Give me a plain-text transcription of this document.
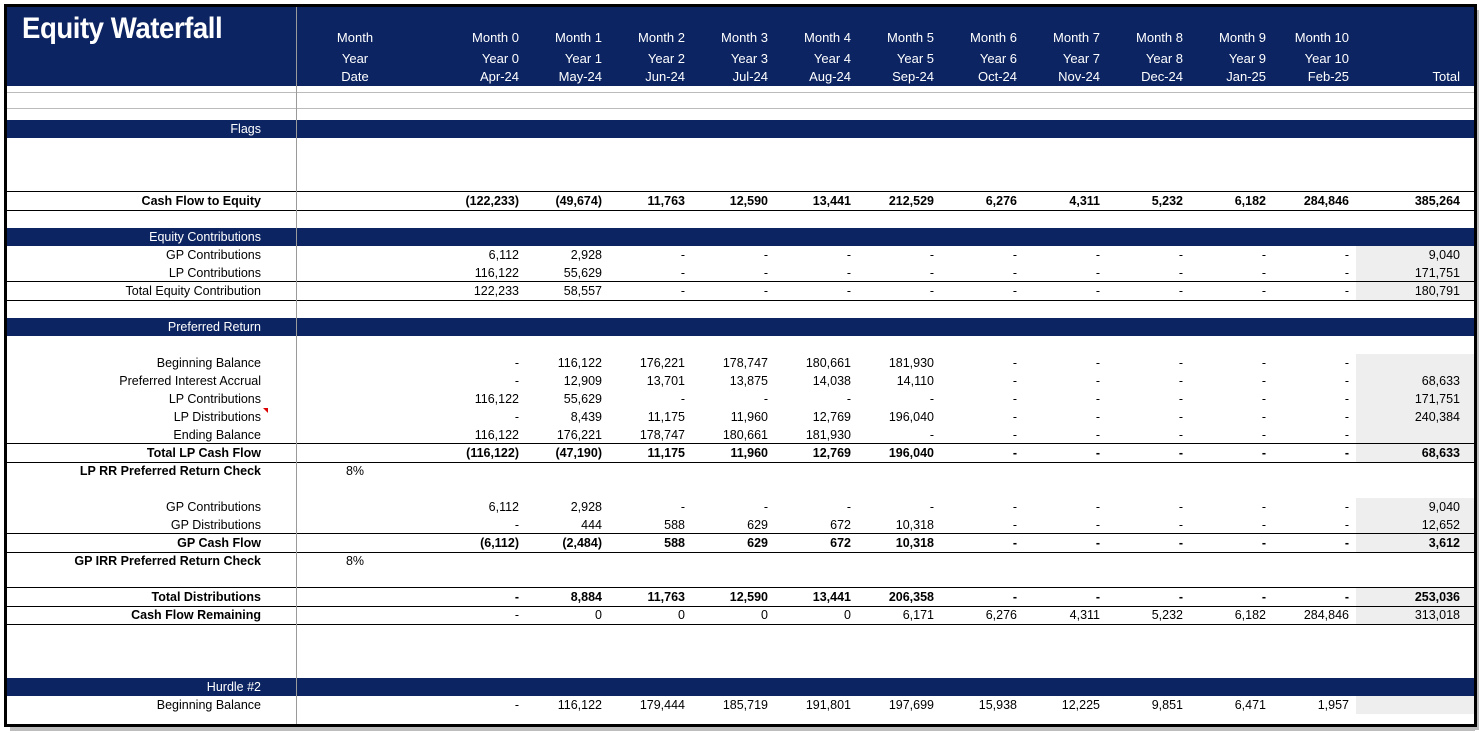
Equity Waterfall	Month	Month 0	Month 1	Month 2	Month 3	Month 4	Month 5	Month 6	Month 7	Month 8	Month 9	Month 10
Year	Year 0	Year 1	Year 2	Year 3	Year 4	Year 5	Year 6	Year 7	Year 8	Year 9	Year 10
Date	Apr-24	May-24	Jun-24	Jul-24	Aug-24	Sep-24	Oct-24	Nov-24	Dec-24	Jan-25	Feb-25	Total
Flags
Cash Flow to Equity	(122,233)	(49,674)	11,763	12,590	13,441	212,529	6,276	4,311	5,232	6,182	284,846	385,264
Equity Contributions
GP Contributions	6,112	2,928	-	-	-	-	-	-	-	-	-	9,040
LP Contributions	116,122	55,629	-	-	-	-	-	-	-	-	-	171,751
Total Equity Contribution	122,233	58,557	-	-	-	-	-	-	-	-	-	180,791
Preferred Return
Beginning Balance	-	116,122	176,221	178,747	180,661	181,930	-	-	-	-	-
Preferred Interest Accrual	-	12,909	13,701	13,875	14,038	14,110	-	-	-	-	-	68,633
LP Contributions	116,122	55,629	-	-	-	-	-	-	-	-	-	171,751
LP Distributions	-	8,439	11,175	11,960	12,769	196,040	-	-	-	-	-	240,384
Ending Balance	116,122	176,221	178,747	180,661	181,930	-	-	-	-	-	-
Total LP Cash Flow	(116,122)	(47,190)	11,175	11,960	12,769	196,040	-	-	-	-	-	68,633
LP RR Preferred Return Check	8%
GP Contributions	6,112	2,928	-	-	-	-	-	-	-	-	-	9,040
GP Distributions	-	444	588	629	672	10,318	-	-	-	-	-	12,652
GP Cash Flow	(6,112)	(2,484)	588	629	672	10,318	-	-	-	-	-	3,612
GP IRR Preferred Return Check	8%
Total Distributions	-	8,884	11,763	12,590	13,441	206,358	-	-	-	-	-	253,036
Cash Flow Remaining	-	0	0	0	0	6,171	6,276	4,311	5,232	6,182	284,846	313,018
Hurdle #2
Beginning Balance	-	116,122	179,444	185,719	191,801	197,699	15,938	12,225	9,851	6,471	1,957
